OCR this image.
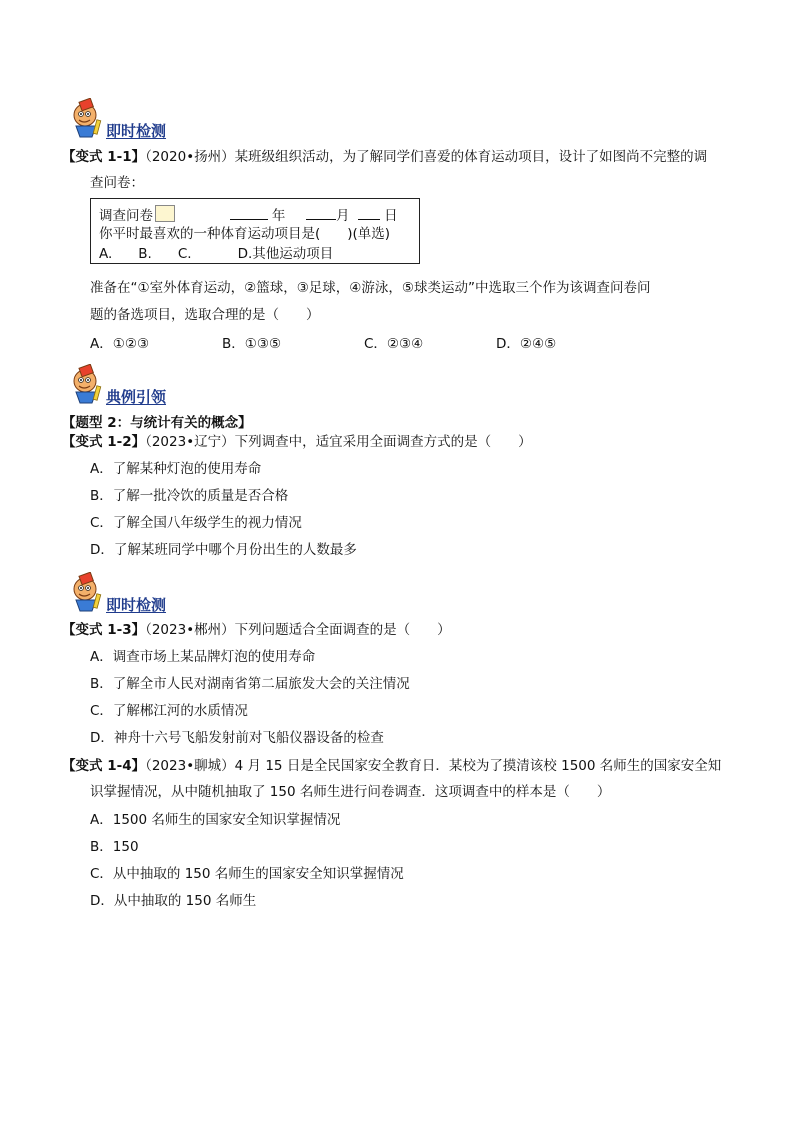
即时检测
【变式 1-1】（2020•扬州）某班级组织活动，为了解同学们喜爱的体育运动项目，设计了如图尚不完整的调
查问卷：
调查问卷	年	月	日
你平时最喜欢的一种体育运动项目是(　　)(单选)
A. B. C.	D.其他运动项目
准备在“①室外体育运动，②篮球，③足球，④游泳，⑤球类运动”中选取三个作为该调查问卷问
题的备选项目，选取合理的是（　　）
A．①②③	B．①③⑤	C．②③④	D．②④⑤
典例引领
【题型 2：与统计有关的概念】
【变式 1-2】（2023•辽宁）下列调查中，适宜采用全面调查方式的是（　　）
A．了解某种灯泡的使用寿命
B．了解一批冷饮的质量是否合格
C．了解全国八年级学生的视力情况
D．了解某班同学中哪个月份出生的人数最多
即时检测
【变式 1-3】（2023•郴州）下列问题适合全面调查的是（　　）
A．调查市场上某品牌灯泡的使用寿命
B．了解全市人民对湖南省第二届旅发大会的关注情况
C．了解郴江河的水质情况
D．神舟十六号飞船发射前对飞船仪器设备的检查
【变式 1-4】（2023•聊城）4 月 15 日是全民国家安全教育日．某校为了摸清该校 1500 名师生的国家安全知
识掌握情况，从中随机抽取了 150 名师生进行问卷调查．这项调查中的样本是（　　）
A．1500 名师生的国家安全知识掌握情况
B．150
C．从中抽取的 150 名师生的国家安全知识掌握情况
D．从中抽取的 150 名师生
